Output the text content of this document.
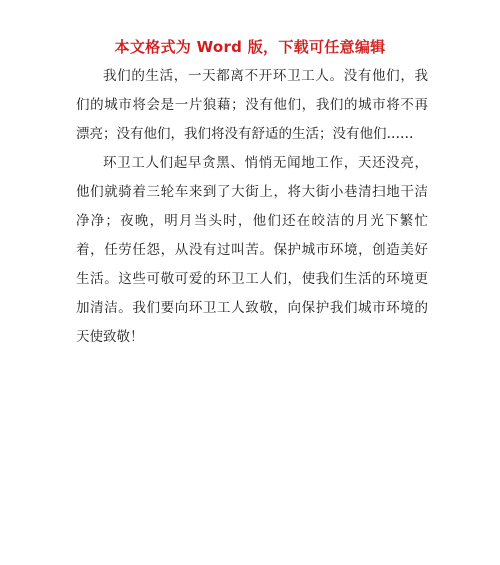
本文格式为 Word 版，下载可任意编辑
我们的生活，一天都离不开环卫工人。没有他们，我
们的城市将会是一片狼藉；没有他们，我们的城市将不再
漂亮；没有他们，我们将没有舒适的生活；没有他们……
环卫工人们起早贪黑、悄悄无闻地工作，天还没亮，
他们就骑着三轮车来到了大街上，将大街小巷清扫地干洁
净净；夜晚，明月当头时，他们还在皎洁的月光下繁忙
着，任劳任怨，从没有过叫苦。保护城市环境，创造美好
生活。这些可敬可爱的环卫工人们，使我们生活的环境更
加清洁。我们要向环卫工人致敬，向保护我们城市环境的
天使致敬！
